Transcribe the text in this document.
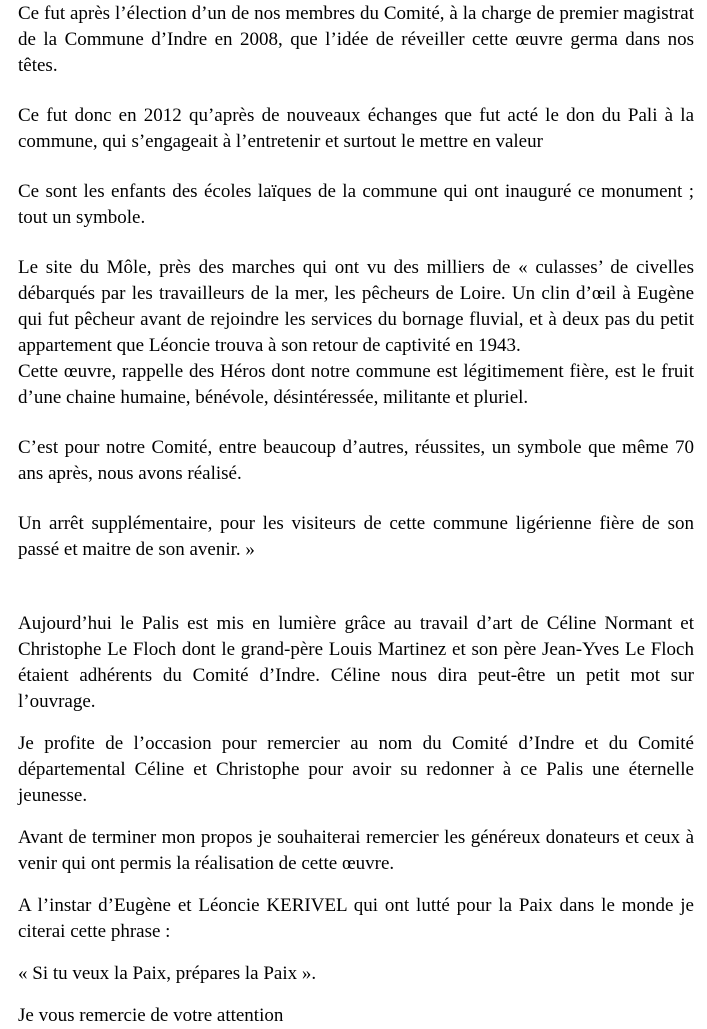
Ce fut après l’élection d’un de nos membres du Comité, à la charge de premier magistrat de la Commune d’Indre en 2008, que l’idée de réveiller cette œuvre germa dans nos têtes.

Ce fut donc en 2012 qu’après de nouveaux échanges que fut acté le don du Pali à la commune, qui s’engageait à l’entretenir et surtout le mettre en valeur

Ce sont les enfants des écoles laïques de la commune qui ont inauguré ce monument ; tout un symbole.

Le site du Môle, près des marches qui ont vu des milliers de « culasses’ de civelles débarqués par les travailleurs de la mer, les pêcheurs de Loire. Un clin d’œil à Eugène qui fut pêcheur avant de rejoindre les services du bornage fluvial, et à deux pas du petit appartement que Léoncie trouva à son retour de captivité en 1943.

Cette œuvre, rappelle des Héros dont notre commune est légitimement fière, est le fruit d’une chaine humaine, bénévole, désintéressée, militante et pluriel.

C’est pour notre Comité, entre beaucoup d’autres, réussites, un symbole que même 70 ans après, nous avons réalisé.

Un arrêt supplémentaire, pour les visiteurs de cette commune ligérienne fière de son passé et maitre de son avenir. »

Aujourd’hui le Palis est mis en lumière grâce au travail d’art de Céline Normant et Christophe Le Floch dont le grand-père Louis Martinez et son père Jean-Yves Le Floch étaient adhérents du Comité d’Indre. Céline nous dira peut-être un petit mot sur l’ouvrage.

Je profite de l’occasion pour remercier au nom du Comité d’Indre et du Comité départemental Céline et Christophe pour avoir su redonner à ce Palis une éternelle jeunesse.

Avant de terminer mon propos je souhaiterai remercier les généreux donateurs et ceux à venir qui ont permis la réalisation de cette œuvre.

A l’instar d’Eugène et Léoncie KERIVEL qui ont lutté pour la Paix dans le monde je citerai cette phrase :

« Si tu veux la Paix, prépares la Paix ».

Je vous remercie de votre attention
